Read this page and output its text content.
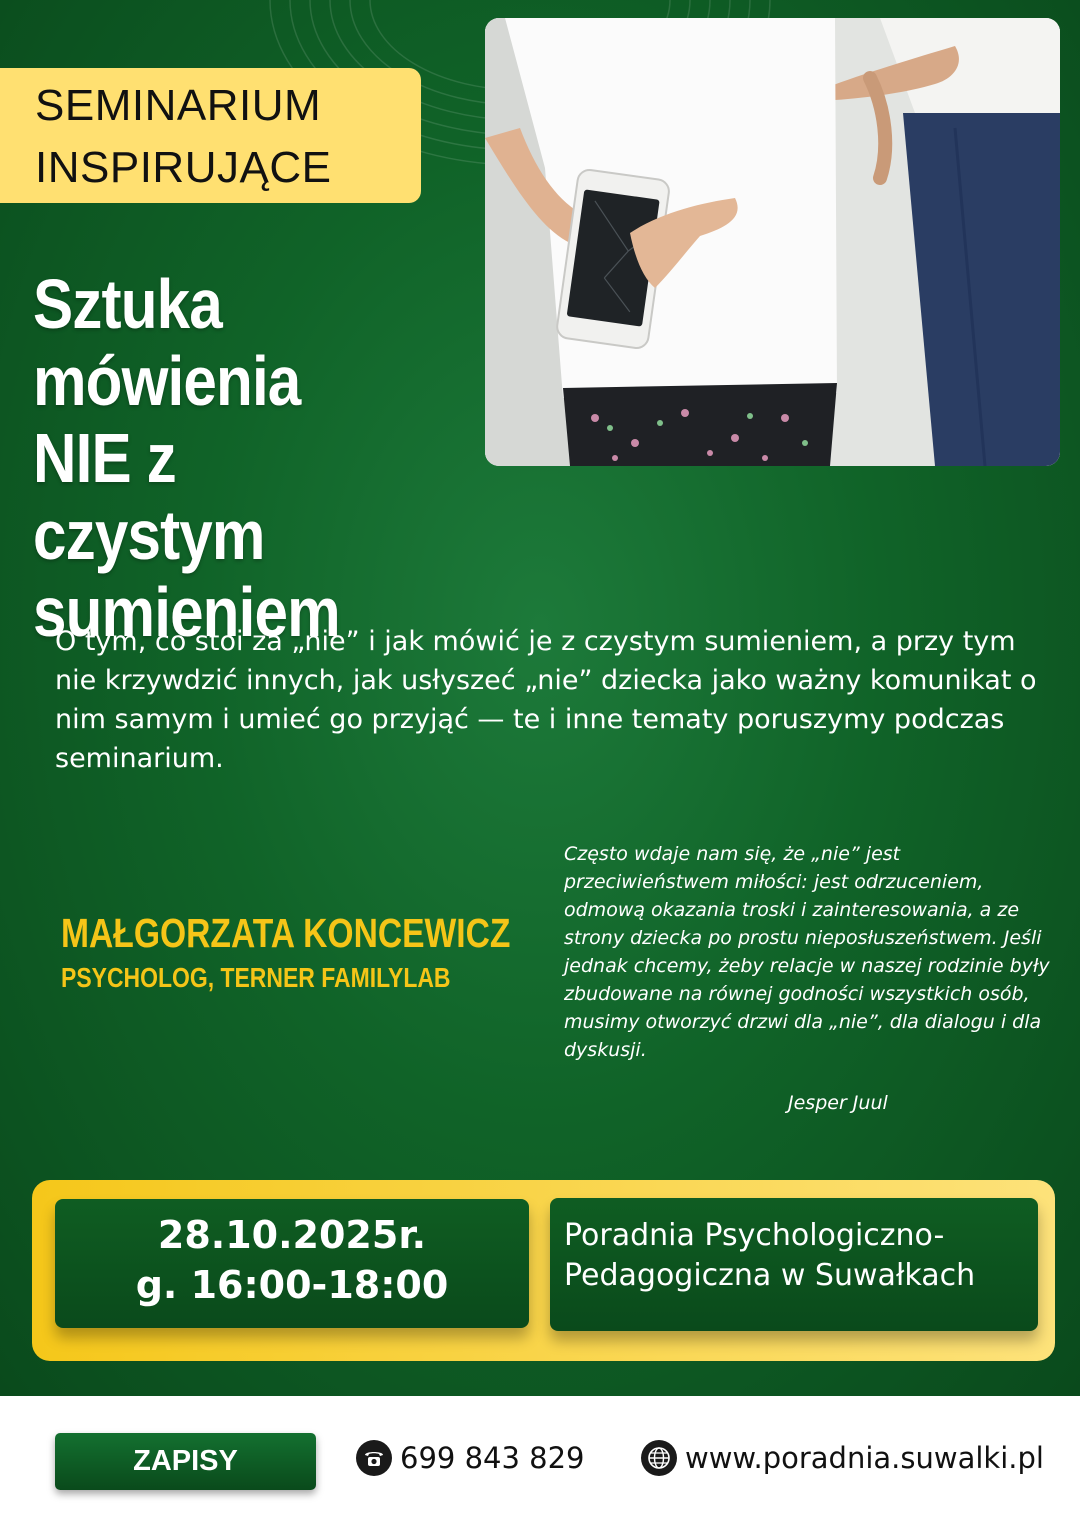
SEMINARIUM
INSPIRUJĄCE
Sztuka mówienia NIE z czystym sumieniem

O tym, co stoi za „nie” i jak mówić je z czystym sumieniem, a przy tym nie krzywdzić innych, jak usłyszeć „nie” dziecka jako ważny komunikat o nim samym i umieć go przyjąć — te i inne tematy poruszymy podczas seminarium.

MAŁGORZATA KONCEWICZ

PSYCHOLOG, TERNER FAMILYLAB

Często wdaje nam się, że „nie” jest przeciwieństwem miłości: jest odrzuceniem, odmową okazania troski i zainteresowania, a ze strony dziecka po prostu nieposłuszeństwem. Jeśli jednak chcemy, żeby relacje w naszej rodzinie były zbudowane na równej godności wszystkich osób, musimy otworzyć drzwi dla „nie”, dla dialogu i dla dyskusji.

Jesper Juul

28.10.2025r.

g. 16:00-18:00

Poradnia Psychologiczno-Pedagogiczna w Suwałkach

ZAPISY	699 843 829	www.poradnia.suwalki.pl
